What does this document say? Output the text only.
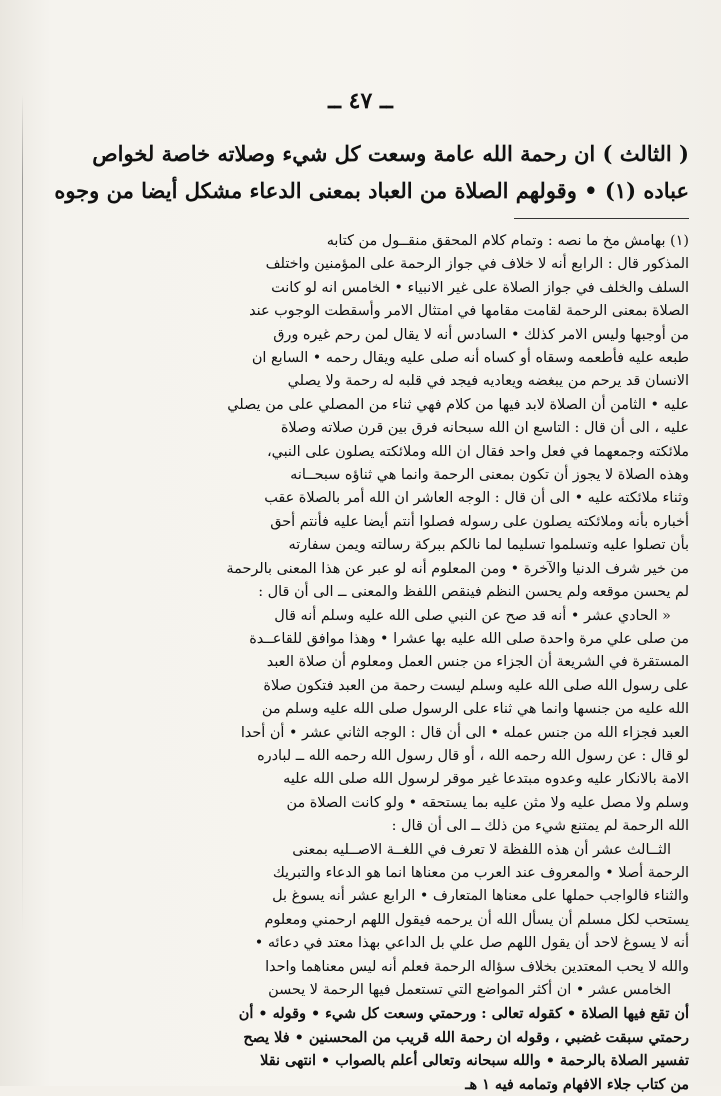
ــ ٤٧ ــ
( الثالث ) ان رحمة الله عامة وسعت كل شيء وصلاته خاصة لخواص
عباده (١) • وقولهم الصلاة من العباد بمعنى الدعاء مشكل أيضا من وجوه
(١) بهامش مخ ما نصه : وتمام كلام المحقق منقــول من كتابه
المذكور قال : الرابع أنه لا خلاف في جواز الرحمة على المؤمنين واختلف
السلف والخلف في جواز الصلاة على غير الانبياء • الخامس انه لو كانت
الصلاة بمعنى الرحمة لقامت مقامها في امتثال الامر وأسقطت الوجوب عند
من أوجبها وليس الامر كذلك • السادس أنه لا يقال لمن رحم غيره ورق
طبعه عليه فأطعمه وسقاه أو كساه أنه صلى عليه ويقال رحمه • السابع ان
الانسان قد يرحم من يبغضه ويعاديه فيجد في قلبه له رحمة ولا يصلي
عليه • الثامن أن الصلاة لابد فيها من كلام فهي ثناء من المصلي على من يصلي
عليه ، الى أن قال : التاسع ان الله سبحانه فرق بين قرن صلاته وصلاة
ملائكته وجمعهما في فعل واحد فقال ان الله وملائكته يصلون على النبي،
وهذه الصلاة لا يجوز أن تكون بمعنى الرحمة وانما هي ثناؤه سبحــانه
وثناء ملائكته عليه • الى أن قال : الوجه العاشر ان الله أمر بالصلاة عقب
أخباره بأنه وملائكته يصلون على رسوله فصلوا أنتم أيضا عليه فأنتم أحق
بأن تصلوا عليه وتسلموا تسليما لما نالكم ببركة رسالته ويمن سفارته
من خير شرف الدنيا والآخرة • ومن المعلوم أنه لو عبر عن هذا المعنى بالرحمة
لم يحسن موقعه ولم يحسن النظم فينقص اللفظ والمعنى ــ الى أن قال :
« الحادي عشر • أنه قد صح عن النبي صلى الله عليه وسلم أنه قال
من صلى علي مرة واحدة صلى الله عليه بها عشرا • وهذا موافق للقاعــدة
المستقرة في الشريعة أن الجزاء من جنس العمل ومعلوم أن صلاة العبد
على رسول الله صلى الله عليه وسلم ليست رحمة من العبد فتكون صلاة
الله عليه من جنسها وانما هي ثناء على الرسول صلى الله عليه وسلم من
العبد فجزاء الله من جنس عمله • الى أن قال : الوجه الثاني عشر • أن أحدا
لو قال : عن رسول الله رحمه الله ، أو قال رسول الله رحمه الله ــ لبادره
الامة بالانكار عليه وعدوه مبتدعا غير موقر لرسول الله صلى الله عليه
وسلم ولا مصل عليه ولا مثن عليه بما يستحقه • ولو كانت الصلاة من
الله الرحمة لم يمتنع شيء من ذلك ــ الى أن قال :
الثــالث عشر أن هذه اللفظة لا تعرف في اللغــة الاصــليه بمعنى
الرحمة أصلا • والمعروف عند العرب من معناها انما هو الدعاء والتبريك
والثناء فالواجب حملها على معناها المتعارف • الرابع عشر أنه يسوغ بل
يستحب لكل مسلم أن يسأل الله أن يرحمه فيقول اللهم ارحمني ومعلوم
أنه لا يسوغ لاحد أن يقول اللهم صل علي بل الداعي بهذا معتد في دعائه •
والله لا يحب المعتدين بخلاف سؤاله الرحمة فعلم أنه ليس معناهما واحدا
الخامس عشر • ان أكثر المواضع التي تستعمل فيها الرحمة لا يحسن
أن تقع فيها الصلاة • كقوله تعالى : ورحمتي وسعت كل شيء • وقوله • أن
رحمتي سبقت غضبي ، وقوله ان رحمة الله قريب من المحسنين • فلا يصح
تفسير الصلاة بالرحمة • والله سبحانه وتعالى أعلم بالصواب • انتهى نقلا
من كتاب جلاء الافهام وتمامه فيه ١ هـ
